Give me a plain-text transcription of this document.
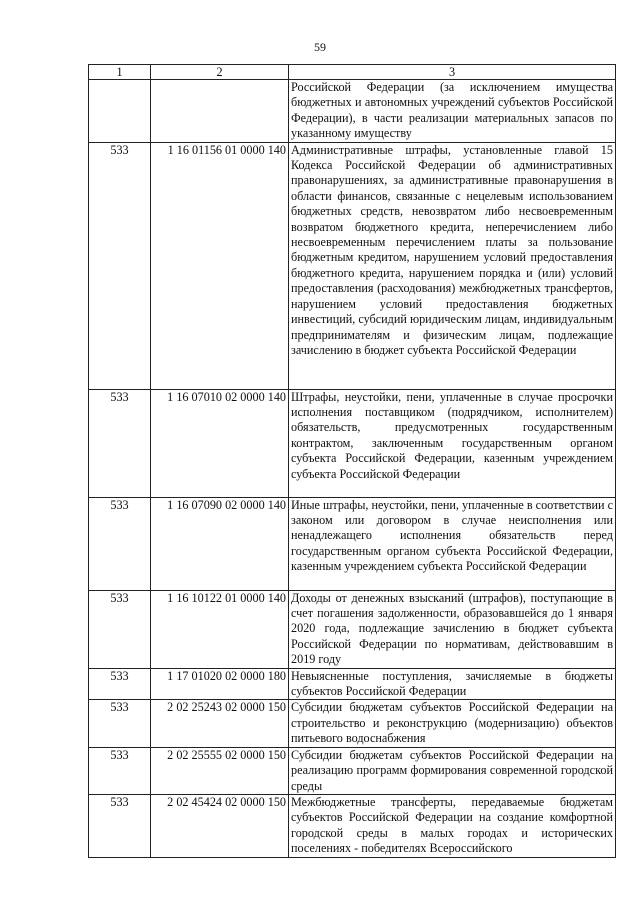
59
1	2	3
		Российской Федерации (за исключением имущества бюджетных и автономных учреждений субъектов Российской Федерации), в части реализации материальных запасов по указанному имуществу
533	1 16 01156 01 0000 140	Административные штрафы, установленные главой 15 Кодекса Российской Федерации об административных правонарушениях, за административные правонарушения в области финансов, связанные с нецелевым использованием бюджетных средств, невозвратом либо несвоевременным возвратом бюджетного кредита, неперечислением либо несвоевременным перечислением платы за пользование бюджетным кредитом, нарушением условий предоставления бюджетного кредита, нарушением порядка и (или) условий предоставления (расходования) межбюджетных трансфертов, нарушением условий предоставления бюджетных инвестиций, субсидий юридическим лицам, индивидуальным предпринимателям и физическим лицам, подлежащие зачислению в бюджет субъекта Российской Федерации
533	1 16 07010 02 0000 140	Штрафы, неустойки, пени, уплаченные в случае просрочки исполнения поставщиком (подрядчиком, исполнителем) обязательств, предусмотренных государственным контрактом, заключенным государственным органом субъекта Российской Федерации, казенным учреждением субъекта Российской Федерации
533	1 16 07090 02 0000 140	Иные штрафы, неустойки, пени, уплаченные в соответствии с законом или договором в случае неисполнения или ненадлежащего исполнения обязательств перед государственным органом субъекта Российской Федерации, казенным учреждением субъекта Российской Федерации
533	1 16 10122 01 0000 140	Доходы от денежных взысканий (штрафов), поступающие в счет погашения задолженности, образовавшейся до 1 января 2020 года, подлежащие зачислению в бюджет субъекта Российской Федерации по нормативам, действовавшим в 2019 году
533	1 17 01020 02 0000 180	Невыясненные поступления, зачисляемые в бюджеты субъектов Российской Федерации
533	2 02 25243 02 0000 150	Субсидии бюджетам субъектов Российской Федерации на строительство и реконструкцию (модернизацию) объектов питьевого водоснабжения
533	2 02 25555 02 0000 150	Субсидии бюджетам субъектов Российской Федерации на реализацию программ формирования современной городской среды
533	2 02 45424 02 0000 150	Межбюджетные трансферты, передаваемые бюджетам субъектов Российской Федерации на создание комфортной городской среды в малых городах и исторических поселениях - победителях Всероссийского
